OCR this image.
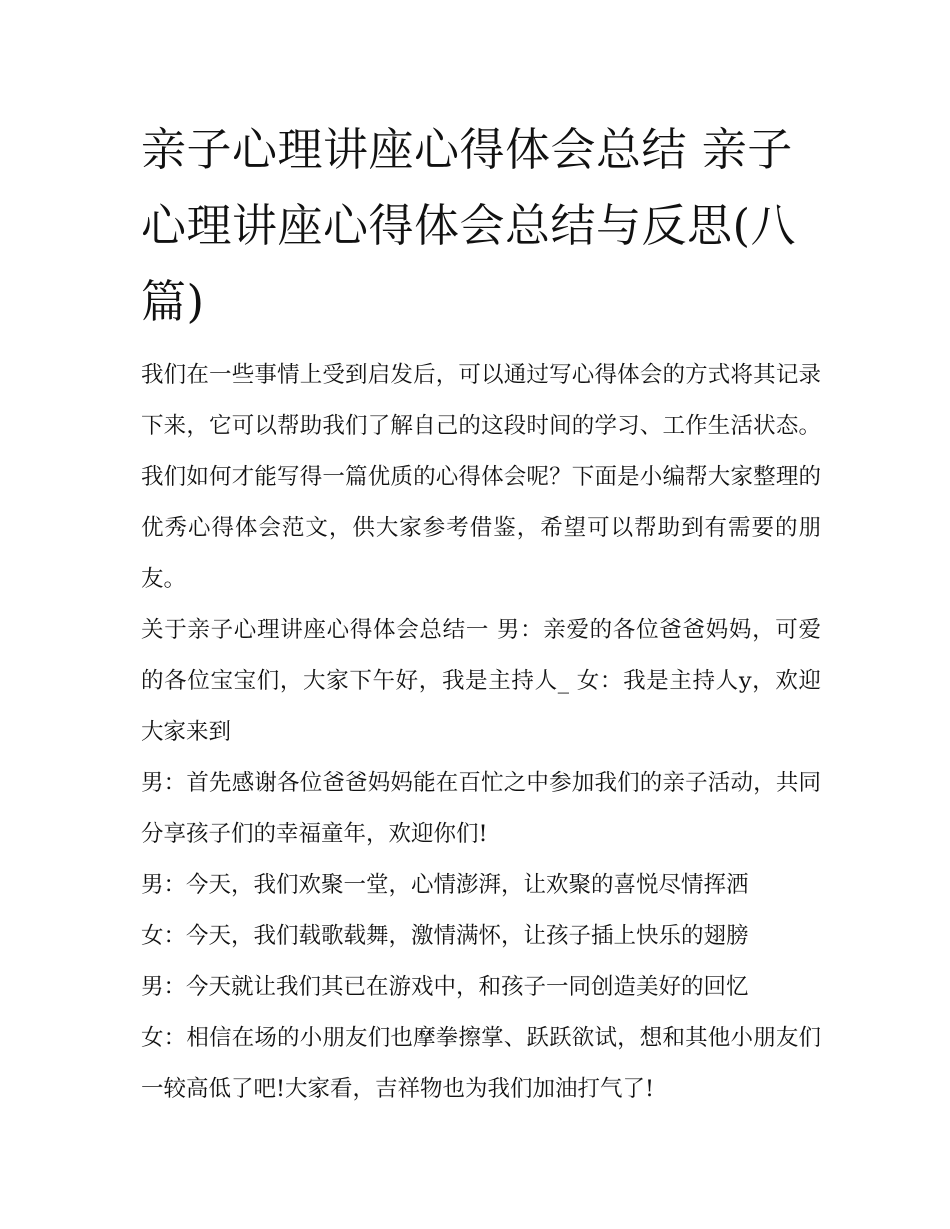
亲子心理讲座心得体会总结 亲子心理讲座心得体会总结与反思(八篇)

我们在一些事情上受到启发后，可以通过写心得体会的方式将其记录下来，它可以帮助我们了解自己的这段时间的学习、工作生活状态。我们如何才能写得一篇优质的心得体会呢？下面是小编帮大家整理的优秀心得体会范文，供大家参考借鉴，希望可以帮助到有需要的朋友。

关于亲子心理讲座心得体会总结一 男：亲爱的各位爸爸妈妈，可爱的各位宝宝们，大家下午好，我是主持人_ 女：我是主持人y，欢迎大家来到

男：首先感谢各位爸爸妈妈能在百忙之中参加我们的亲子活动，共同分享孩子们的幸福童年，欢迎你们!

男：今天，我们欢聚一堂，心情澎湃，让欢聚的喜悦尽情挥洒

女：今天，我们载歌载舞，激情满怀，让孩子插上快乐的翅膀

男：今天就让我们其已在游戏中，和孩子一同创造美好的回忆

女：相信在场的小朋友们也摩拳擦掌、跃跃欲试，想和其他小朋友们一较高低了吧!大家看，吉祥物也为我们加油打气了!
